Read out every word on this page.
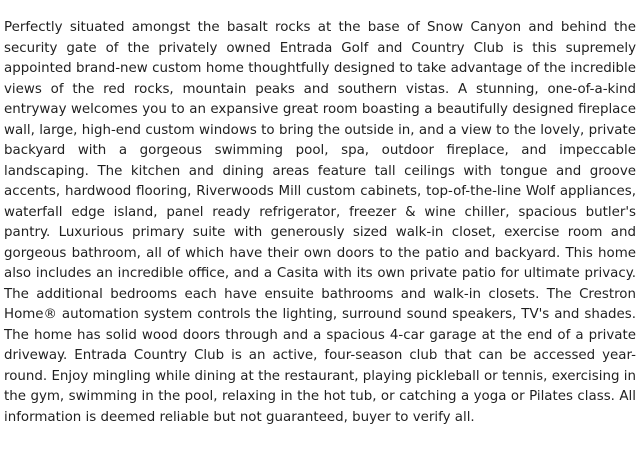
Perfectly situated amongst the basalt rocks at the base of Snow Canyon and behind the security gate of the privately owned Entrada Golf and Country Club is this supremely appointed brand-new custom home thoughtfully designed to take advantage of the incredible views of the red rocks, mountain peaks and southern vistas. A stunning, one-of-a-kind entryway welcomes you to an expansive great room boasting a beautifully designed fireplace wall, large, high-end custom windows to bring the outside in, and a view to the lovely, private backyard with a gorgeous swimming pool, spa, outdoor fireplace, and impeccable landscaping. The kitchen and dining areas feature tall ceilings with tongue and groove accents, hardwood flooring, Riverwoods Mill custom cabinets, top-of-the-line Wolf appliances, waterfall edge island, panel ready refrigerator, freezer & wine chiller, spacious butler's pantry. Luxurious primary suite with generously sized walk-in closet, exercise room and gorgeous bathroom, all of which have their own doors to the patio and backyard. This home also includes an incredible office, and a Casita with its own private patio for ultimate privacy. The additional bedrooms each have ensuite bathrooms and walk-in closets. The Crestron Home® automation system controls the lighting, surround sound speakers, TV's and shades. The home has solid wood doors through and a spacious 4-car garage at the end of a private driveway. Entrada Country Club is an active, four-season club that can be accessed year-round. Enjoy mingling while dining at the restaurant, playing pickleball or tennis, exercising in the gym, swimming in the pool, relaxing in the hot tub, or catching a yoga or Pilates class. All information is deemed reliable but not guaranteed, buyer to verify all.
